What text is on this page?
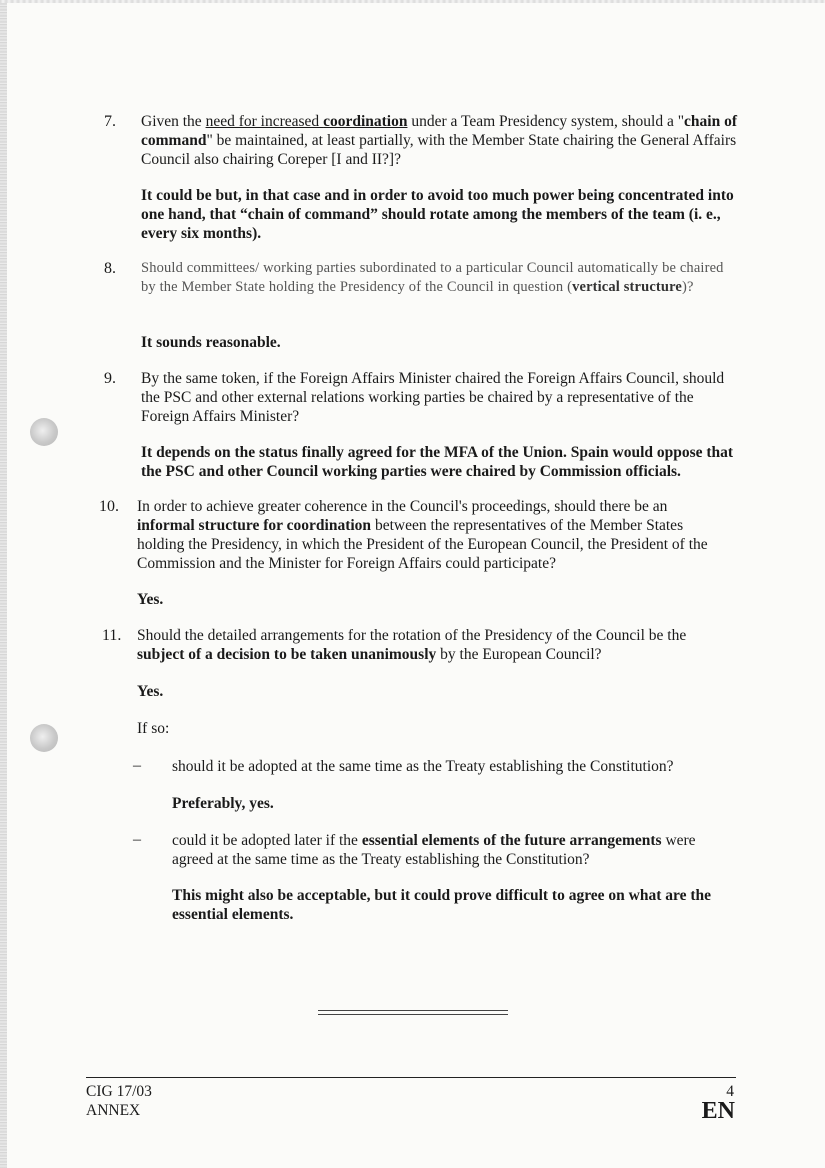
7. Given the need for increased coordination under a Team Presidency system, should a "chain of command" be maintained, at least partially, with the Member State chairing the General Affairs Council also chairing Coreper [I and II?]?
It could be but, in that case and in order to avoid too much power being concentrated into one hand, that “chain of command” should rotate among the members of the team (i. e., every six months).
8. Should committees/ working parties subordinated to a particular Council automatically be chaired by the Member State holding the Presidency of the Council in question (vertical structure)?
It sounds reasonable.
9. By the same token, if the Foreign Affairs Minister chaired the Foreign Affairs Council, should the PSC and other external relations working parties be chaired by a representative of the Foreign Affairs Minister?
It depends on the status finally agreed for the MFA of the Union. Spain would oppose that the PSC and other Council working parties were chaired by Commission officials.
10. In order to achieve greater coherence in the Council's proceedings, should there be an informal structure for coordination between the representatives of the Member States holding the Presidency, in which the President of the European Council, the President of the Commission and the Minister for Foreign Affairs could participate?
Yes.
11. Should the detailed arrangements for the rotation of the Presidency of the Council be the subject of a decision to be taken unanimously by the European Council?
Yes.
If so:
– should it be adopted at the same time as the Treaty establishing the Constitution?
Preferably, yes.
– could it be adopted later if the essential elements of the future arrangements were agreed at the same time as the Treaty establishing the Constitution?
This might also be acceptable, but it could prove difficult to agree on what are the essential elements.
CIG 17/03
ANNEX
4
EN
